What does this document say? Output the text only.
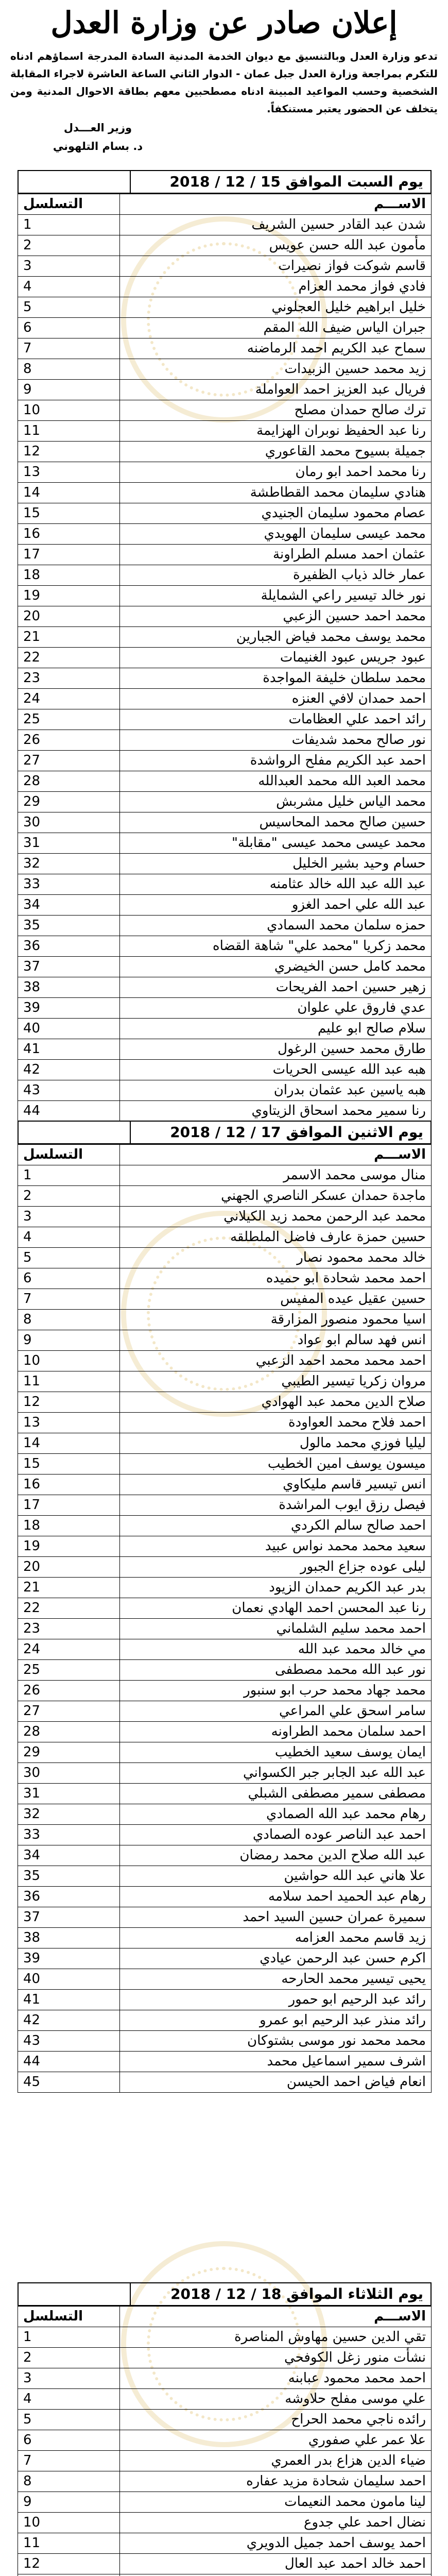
إعلان صادر عن وزارة العدل
تدعو وزارة العدل وبالتنسيق مع ديوان الخدمة المدنية السادة المدرجة اسماؤهم ادناه للتكرم بمراجعة وزارة العدل جبل عمان - الدوار الثاني الساعة العاشرة لاجراء المقابلة الشخصية وحسب المواعيد المبينة ادناه مصطحبين معهم بطاقة الاحوال المدنية ومن يتخلف عن الحضور يعتبر مستنكفاً.
وزير العـــدل
د. بسام التلهوني
يوم السبت الموافق 15 / 12 / 2018
الاســـم	التسلسل
شدن عبد القادر حسين الشريف	1
مأمون عبد الله حسن عويس	2
قاسم شوكت فواز نصيرات	3
فادي فواز محمد العزام	4
خليل ابراهيم خليل العجلوني	5
جبران الياس ضيف الله المقم	6
سماح عبد الكريم احمد الرماضنه	7
زيد محمد حسين الزبيدات	8
فريال عبد العزيز احمد العواملة	9
ترك صالح حمدان مصلح	10
رنا عبد الحفيظ نوبران الهزايمة	11
جميلة بسيوح محمد القاعوري	12
رنا محمد احمد ابو رمان	13
هنادي سليمان محمد القطاطشة	14
عصام محمود سليمان الجنيدي	15
محمد عيسى سليمان الهويدي	16
عثمان احمد مسلم الطراونة	17
عمار خالد ذياب الظفيرة	18
نور خالد تيسير راعي الشمايلة	19
محمد احمد حسين الزعبي	20
محمد يوسف محمد فياض الجبارين	21
عبود جريس عبود الغنيمات	22
محمد سلطان خليفة المواجدة	23
احمد حمدان لافي العنزه	24
رائد احمد علي العظامات	25
نور صالح محمد شديفات	26
احمد عبد الكريم مفلح الرواشدة	27
محمد العبد الله محمد العبدالله	28
محمد الياس خليل مشربش	29
حسين صالح محمد المحاسيس	30
محمد عيسى محمد عيسى "مقابلة"	31
حسام وحيد بشير الخليل	32
عبد الله عبد الله خالد عثامنه	33
عبد الله علي احمد الغزو	34
حمزه سلمان محمد السمادي	35
محمد زكريا "محمد علي" شاهة القضاه	36
محمد كامل حسن الخيضري	37
زهير حسين احمد الفريحات	38
عدي فاروق علي علوان	39
سلام صالح ابو عليم	40
طارق محمد حسين الرغول	41
هبه عبد الله عيسى الحريات	42
هبه ياسين عبد عثمان بدران	43
رنا سمير محمد اسحاق الزيتاوي	44
يوم الاثنين الموافق 17 / 12 / 2018
الاســـم	التسلسل
منال موسى محمد الاسمر	1
ماجدة حمدان عسكر الناصري الجهني	2
محمد عبد الرحمن محمد زيد الكيلاني	3
حسين حمزة عارف فاضل الملطلقه	4
خالد محمد محمود نصار	5
احمد محمد شحادة ابو حميده	6
حسين عقيل عيده المفيس	7
اسيا محمود منصور المزارقة	8
انس فهد سالم ابو عواد	9
احمد محمد محمد احمد الزعبي	10
مروان زكريا تيسير الطيبي	11
صلاح الدين محمد عبد الهوادي	12
احمد فلاح محمد العواودة	13
ليليا فوزي محمد مالول	14
ميسون يوسف امين الخطيب	15
انس تيسير قاسم مليكاوي	16
فيصل رزق ايوب المراشدة	17
احمد صالح سالم الكردي	18
سعيد محمد محمد نواس عبيد	19
ليلى عوده جزاع الجبور	20
بدر عبد الكريم حمدان الزيود	21
رنا عبد المحسن احمد الهادي نعمان	22
احمد محمد سليم الشلماني	23
مي خالد محمد عبد الله	24
نور عبد الله محمد مصطفى	25
محمد جهاد محمد حرب ابو سنبور	26
سامر اسحق علي المراعي	27
احمد سلمان محمد الطراونه	28
ايمان يوسف سعيد الخطيب	29
عبد الله عبد الجابر جبر الكسواني	30
مصطفى سمير مصطفى الشبلي	31
رهام محمد عبد الله الصمادي	32
احمد عبد الناصر عوده الصمادي	33
عبد الله صلاح الدين محمد رمضان	34
علا هاني عبد الله حواشين	35
رهام عبد الحميد احمد سلامه	36
سميرة عمران حسين السيد احمد	37
زيد قاسم محمد العزامه	38
اكرم حسن عبد الرحمن عيادي	39
يحيى تيسير محمد الحارحه	40
رائد عبد الرحيم ابو حمور	41
رائد منذر عبد الرحيم ابو عمرو	42
محمد محمد نور موسى بشتوكان	43
اشرف سمير اسماعيل محمد	44
انعام فياض احمد الحيسن	45
يوم الثلاثاء الموافق 18 / 12 / 2018
الاســـم	التسلسل
تقي الدين حسين مهاوش المناصرة	1
نشأت منور زغل الكوفحي	2
احمد محمد محمود عبابنه	3
علي موسى مفلح حلاوشه	4
رائده ناجي محمد الحراح	5
علا عمر علي صفوري	6
ضياء الدين هزاع بدر العمري	7
احمد سليمان شحادة مزيد عفاره	8
لينا مامون محمد النعيمات	9
نضال احمد علي جدوع	10
احمد يوسف احمد جميل الدويري	11
احمد خالد احمد عبد العال	12
